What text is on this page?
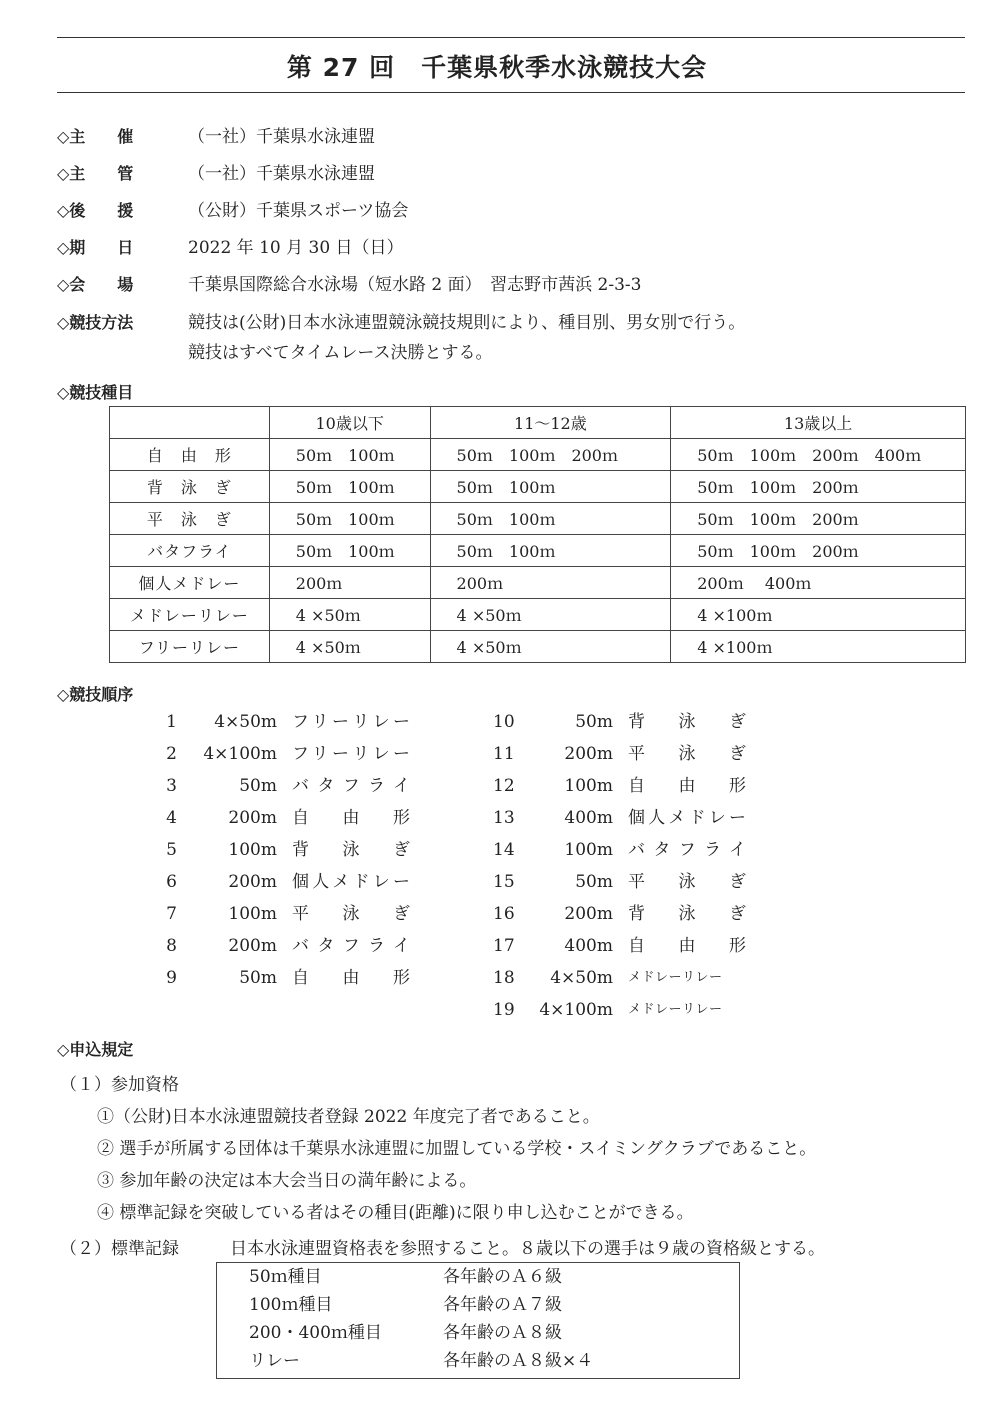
第 27 回　千葉県秋季水泳競技大会
◇主　　催	（一社）千葉県水泳連盟
◇主　　管	（一社）千葉県水泳連盟
◇後　　援	（公財）千葉県スポーツ協会
◇期　　日	2022 年 10 月 30 日（日）
◇会　　場	千葉県国際総合水泳場（短水路 2 面）　習志野市茜浜 2-3-3
◇競技方法	競技は(公財)日本水泳連盟競泳競技規則により、種目別、男女別で行う。
競技はすべてタイムレース決勝とする。
◇競技種目
	10歳以下	11〜12歳	13歳以上
自　由　形	50ｍ　100ｍ	50ｍ　100ｍ　200ｍ	50ｍ　100ｍ　200ｍ　400ｍ
背　泳　ぎ	50ｍ　100ｍ	50ｍ　100ｍ	50ｍ　100ｍ　200ｍ
平　泳　ぎ	50ｍ　100ｍ	50ｍ　100ｍ	50ｍ　100ｍ　200ｍ
バタフライ	50ｍ　100ｍ	50ｍ　100ｍ	50ｍ　100ｍ　200ｍ
個人メドレー	200ｍ	200ｍ	200ｍ　 400ｍ
メドレーリレー	4 ×50ｍ	4 ×50ｍ	4 ×100ｍ
フリーリレー	4 ×50ｍ	4 ×50ｍ	4 ×100ｍ
◇競技順序
1	4×50m フリーリレー
2	4×100m フリーリレー
3	50m バタフライ
4	200m 自由形
5	100m 背泳ぎ
6	200m 個人メドレー
7	100m 平泳ぎ
8	200m バタフライ
9	50m 自由形
10	50m 背泳ぎ
11	200m 平泳ぎ
12	100m 自由形
13	400m 個人メドレー
14	100m バタフライ
15	50m 平泳ぎ
16	200m 背泳ぎ
17	400m 自由形
18	4×50m メドレーリレー
19	4×100m メドレーリレー
◇申込規定
（１）参加資格
①（公財)日本水泳連盟競技者登録 2022 年度完了者であること。
② 選手が所属する団体は千葉県水泳連盟に加盟している学校・スイミングクラブであること。
③ 参加年齢の決定は本大会当日の満年齢による。
④ 標準記録を突破している者はその種目(距離)に限り申し込むことができる。
（２）標準記録	日本水泳連盟資格表を参照すること。８歳以下の選手は９歳の資格級とする。
50ｍ種目	各年齢のＡ６級
100ｍ種目	各年齢のＡ７級
200・400ｍ種目	各年齢のＡ８級
リレー	各年齢のＡ８級×４
